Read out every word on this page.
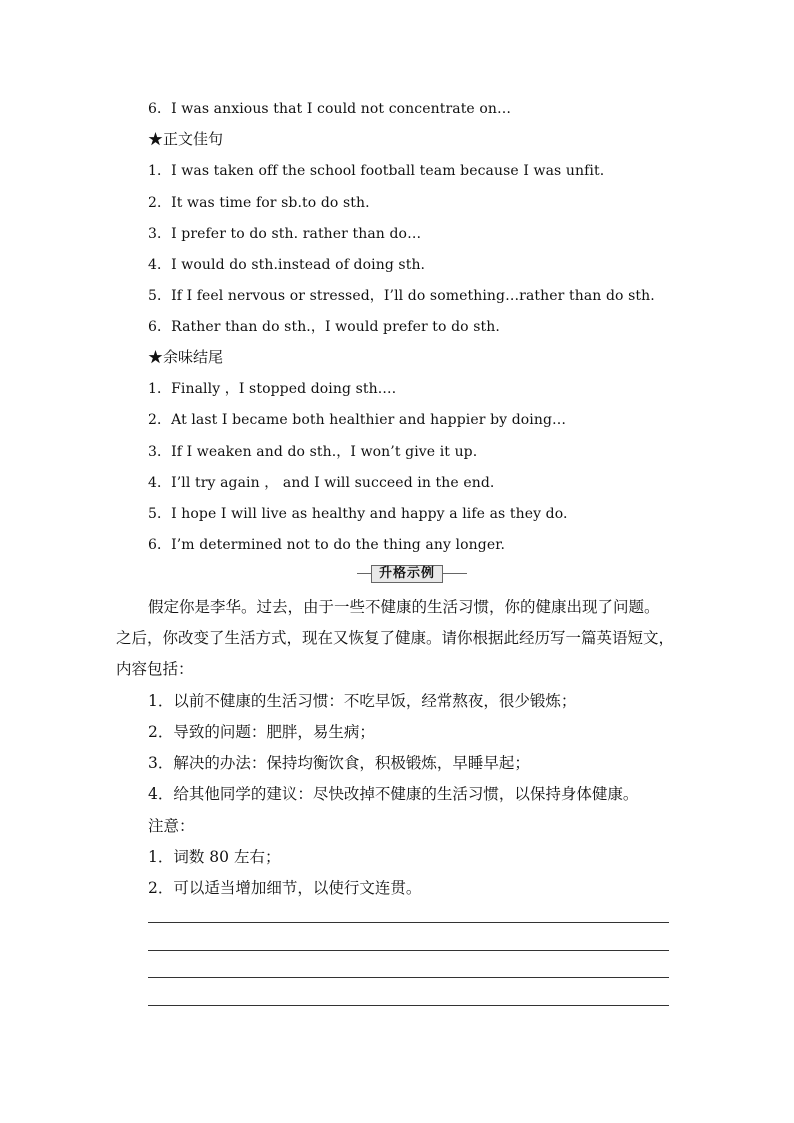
6．I was anxious that I could not concentrate on…
★正文佳句
1．I was taken off the school football team because I was unfit.
2．It was time for sb.to do sth.
3．I prefer to do sth. rather than do…
4．I would do sth.instead of doing sth.
5．If I feel nervous or stressed，I’ll do something…rather than do sth.
6．Rather than do sth.，I would prefer to do sth.
★余味结尾
1．Finally ，I stopped doing sth.…
2．At last I became both healthier and happier by doing…
3．If I weaken and do sth.，I won’t give it up.
4．I’ll try again ， and I will succeed in the end.
5．I hope I will live as healthy and happy a life as they do.
6．I’m determined not to do the thing any longer.
升格示例
假定你是李华。过去，由于一些不健康的生活习惯，你的健康出现了问题。
之后，你改变了生活方式，现在又恢复了健康。请你根据此经历写一篇英语短文，
内容包括：
1．以前不健康的生活习惯：不吃早饭，经常熬夜，很少锻炼；
2．导致的问题：肥胖，易生病；
3．解决的办法：保持均衡饮食，积极锻炼，早睡早起；
4．给其他同学的建议：尽快改掉不健康的生活习惯，以保持身体健康。
注意：
1．词数 80 左右；
2．可以适当增加细节，以使行文连贯。
